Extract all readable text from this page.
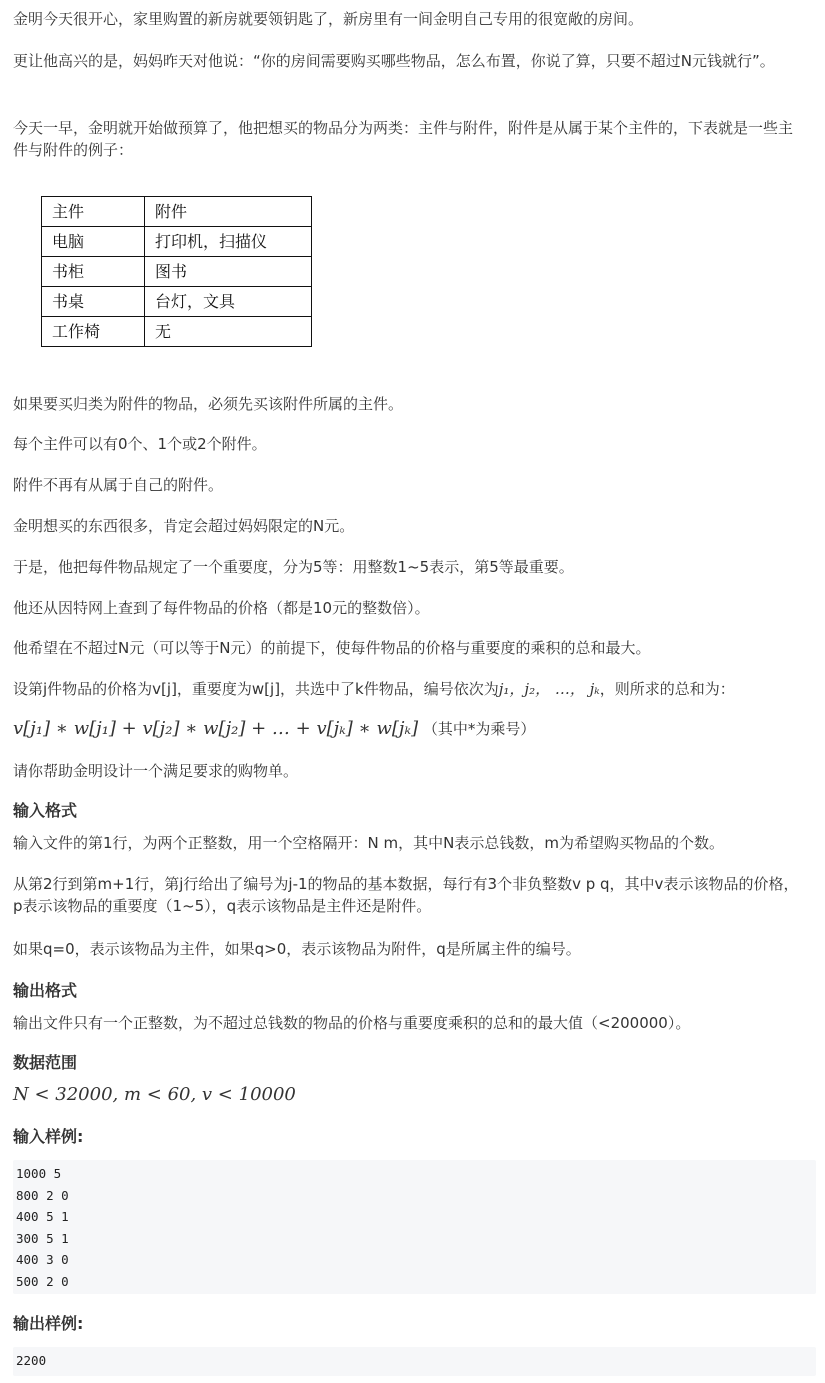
金明今天很开心，家里购置的新房就要领钥匙了，新房里有一间金明自己专用的很宽敞的房间。

更让他高兴的是，妈妈昨天对他说：“你的房间需要购买哪些物品，怎么布置，你说了算，只要不超过N元钱就行”。

今天一早，金明就开始做预算了，他把想买的物品分为两类：主件与附件，附件是从属于某个主件的，下表就是一些主件与附件的例子：

主件	附件
电脑	打印机，扫描仪
书柜	图书
书桌	台灯，文具
工作椅	无

如果要买归类为附件的物品，必须先买该附件所属的主件。

每个主件可以有0个、1个或2个附件。

附件不再有从属于自己的附件。

金明想买的东西很多，肯定会超过妈妈限定的N元。

于是，他把每件物品规定了一个重要度，分为5等：用整数1~5表示，第5等最重要。

他还从因特网上查到了每件物品的价格（都是10元的整数倍）。

他希望在不超过N元（可以等于N元）的前提下，使每件物品的价格与重要度的乘积的总和最大。

设第j件物品的价格为v[j]，重要度为w[j]，共选中了k件物品，编号依次为j₁，j₂， …， jₖ，则所求的总和为：

v[j₁] ∗ w[j₁] + v[j₂] ∗ w[j₂] + … + v[jₖ] ∗ w[jₖ] （其中*为乘号）

请你帮助金明设计一个满足要求的购物单。

输入格式

输入文件的第1行，为两个正整数，用一个空格隔开：N m，其中N表示总钱数，m为希望购买物品的个数。

从第2行到第m+1行，第j行给出了编号为j-1的物品的基本数据，每行有3个非负整数v p q，其中v表示该物品的价格，p表示该物品的重要度（1~5），q表示该物品是主件还是附件。

如果q=0，表示该物品为主件，如果q>0，表示该物品为附件，q是所属主件的编号。

输出格式

输出文件只有一个正整数，为不超过总钱数的物品的价格与重要度乘积的总和的最大值（<200000）。

数据范围

N < 32000, m < 60, v < 10000

输入样例:
1000 5
800 2 0
400 5 1
300 5 1
400 3 0
500 2 0
输出样例:
2200
